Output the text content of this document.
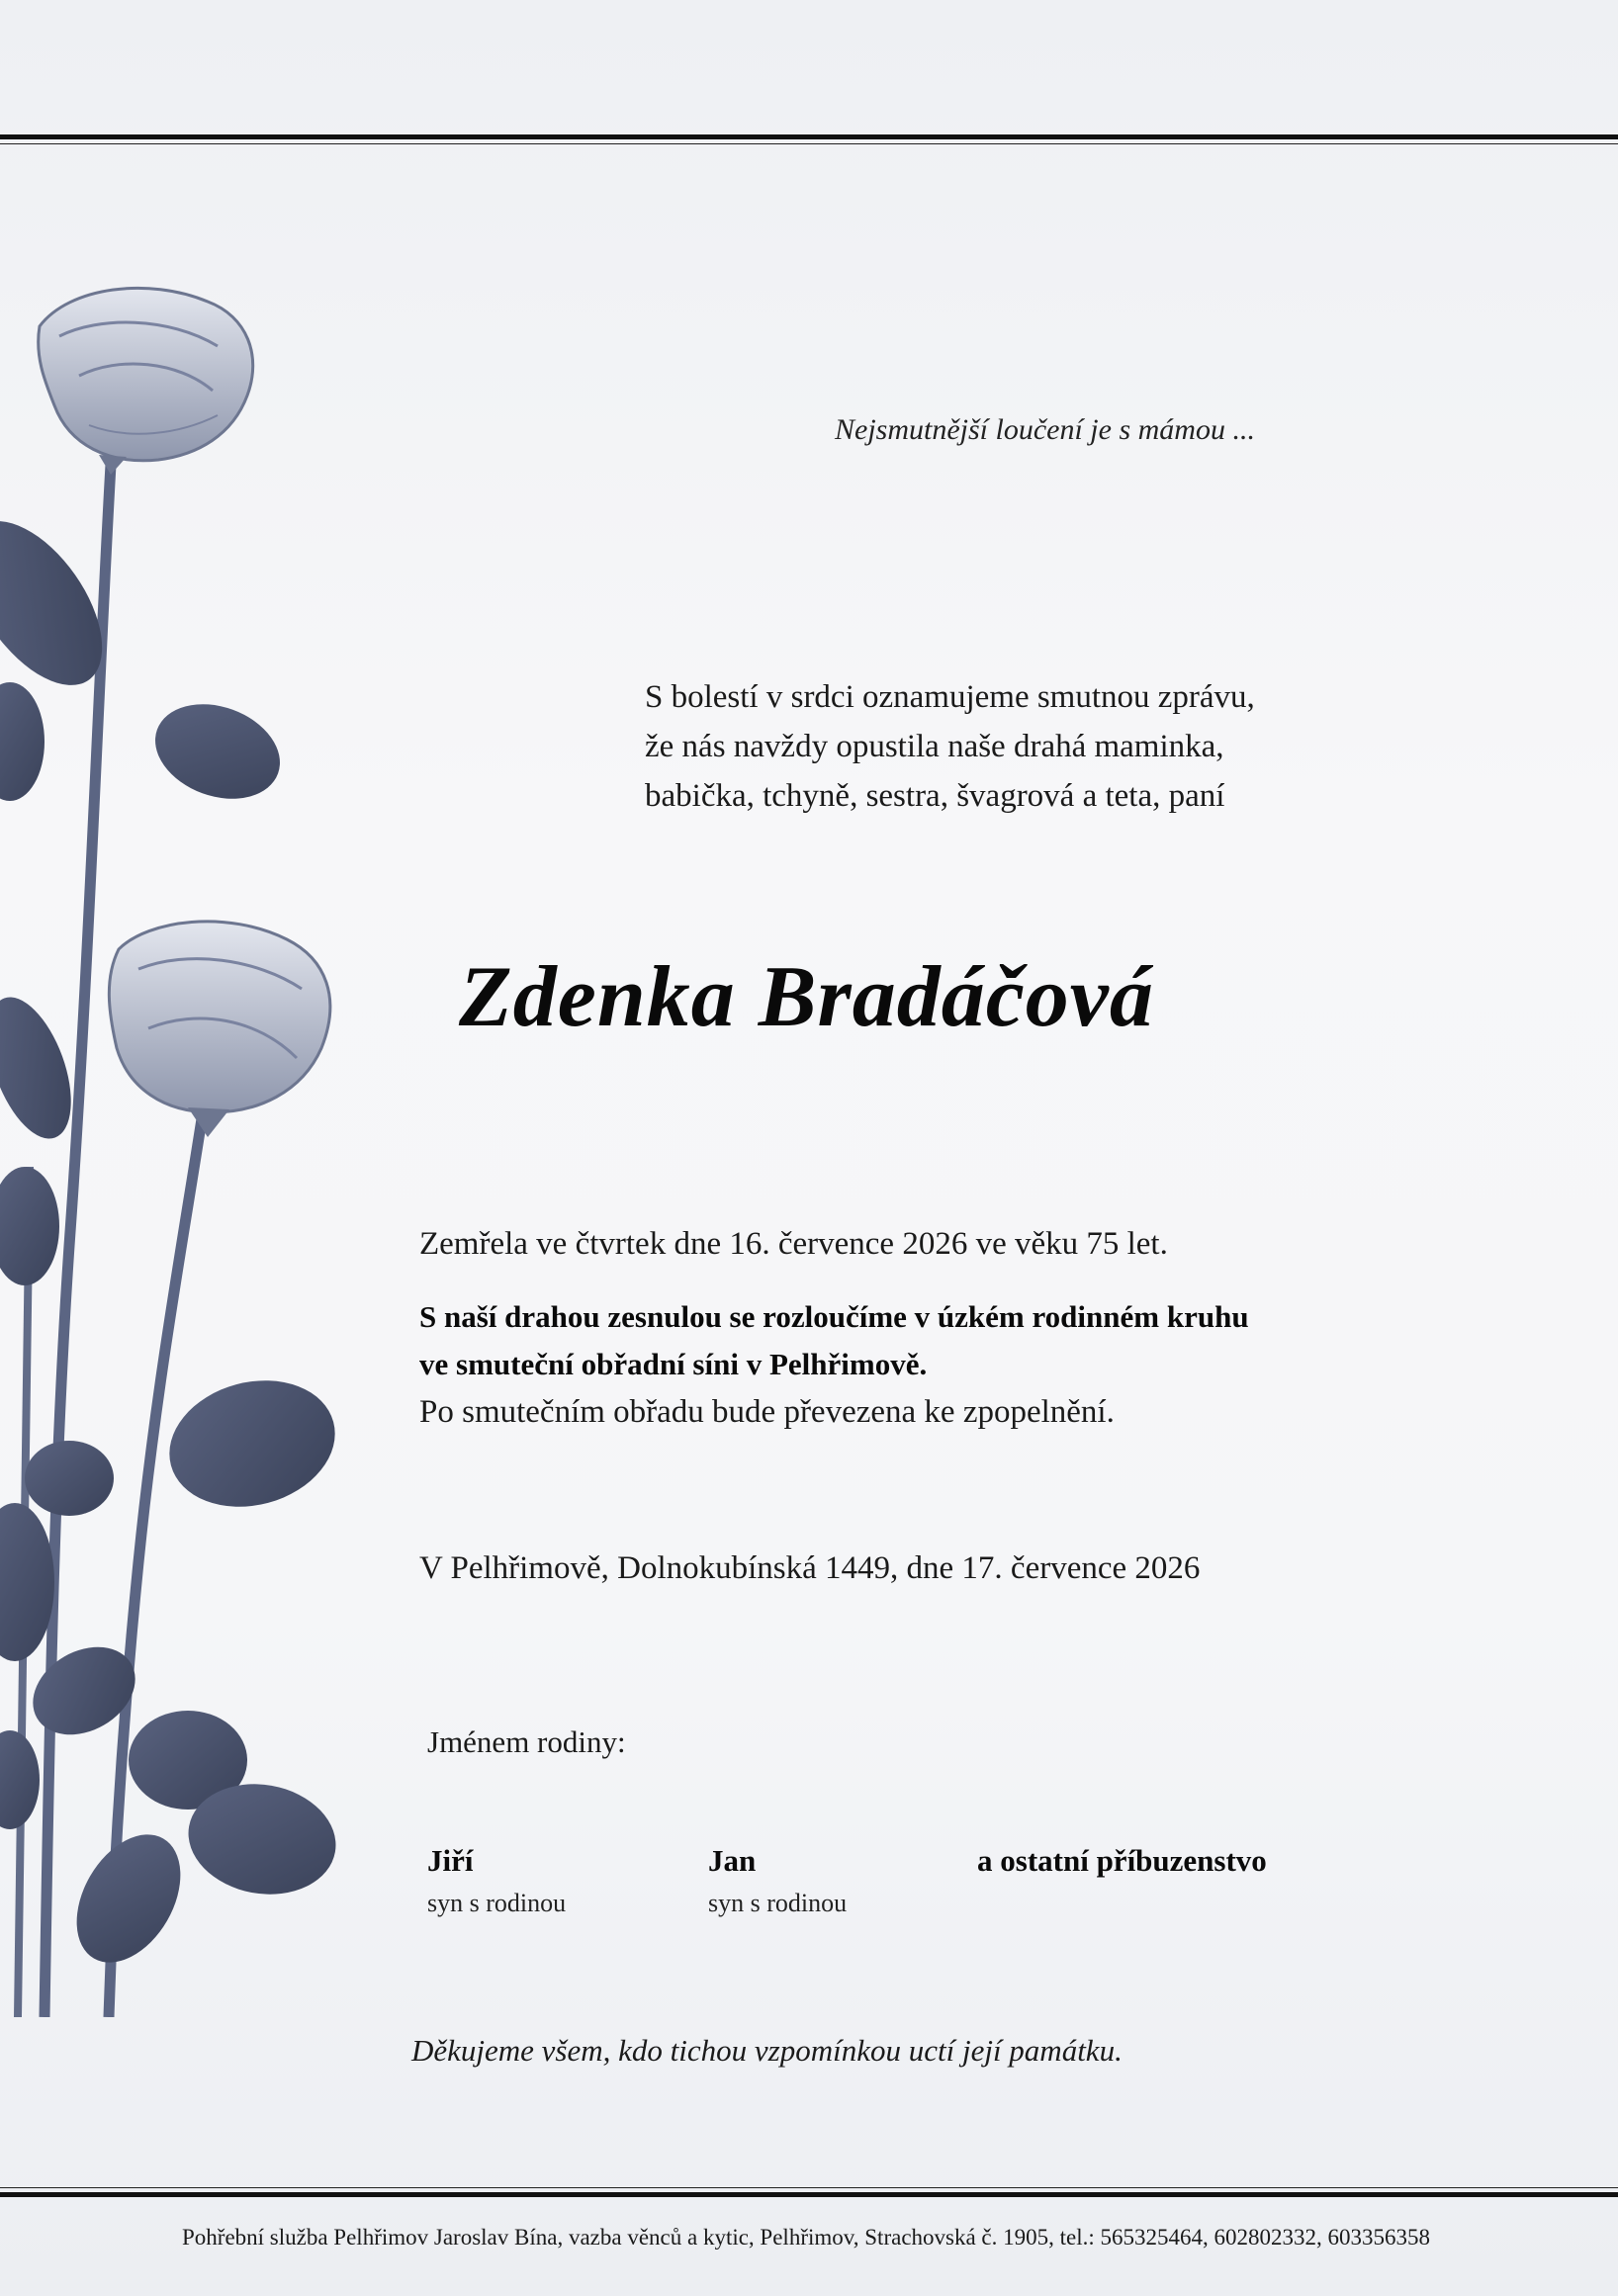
Nejsmutnější loučení je s mámou ...
S bolestí v srdci oznamujeme smutnou zprávu,
že nás navždy opustila naše drahá maminka,
babička, tchyně, sestra, švagrová a teta, paní
Zdenka Bradáčová
Zemřela ve čtvrtek dne 16. července 2026 ve věku 75 let.
S naší drahou zesnulou se rozloučíme v úzkém rodinném kruhu
ve smuteční obřadní síni v Pelhřimově.
Po smutečním obřadu bude převezena ke zpopelnění.
V Pelhřimově, Dolnokubínská 1449, dne 17. července 2026
Jménem rodiny:
Jiří
syn s rodinou
Jan
syn s rodinou
a ostatní příbuzenstvo
Děkujeme všem, kdo tichou vzpomínkou uctí její památku.
Pohřební služba Pelhřimov Jaroslav Bína, vazba věnců a kytic, Pelhřimov, Strachovská č. 1905, tel.: 565325464, 602802332, 603356358
